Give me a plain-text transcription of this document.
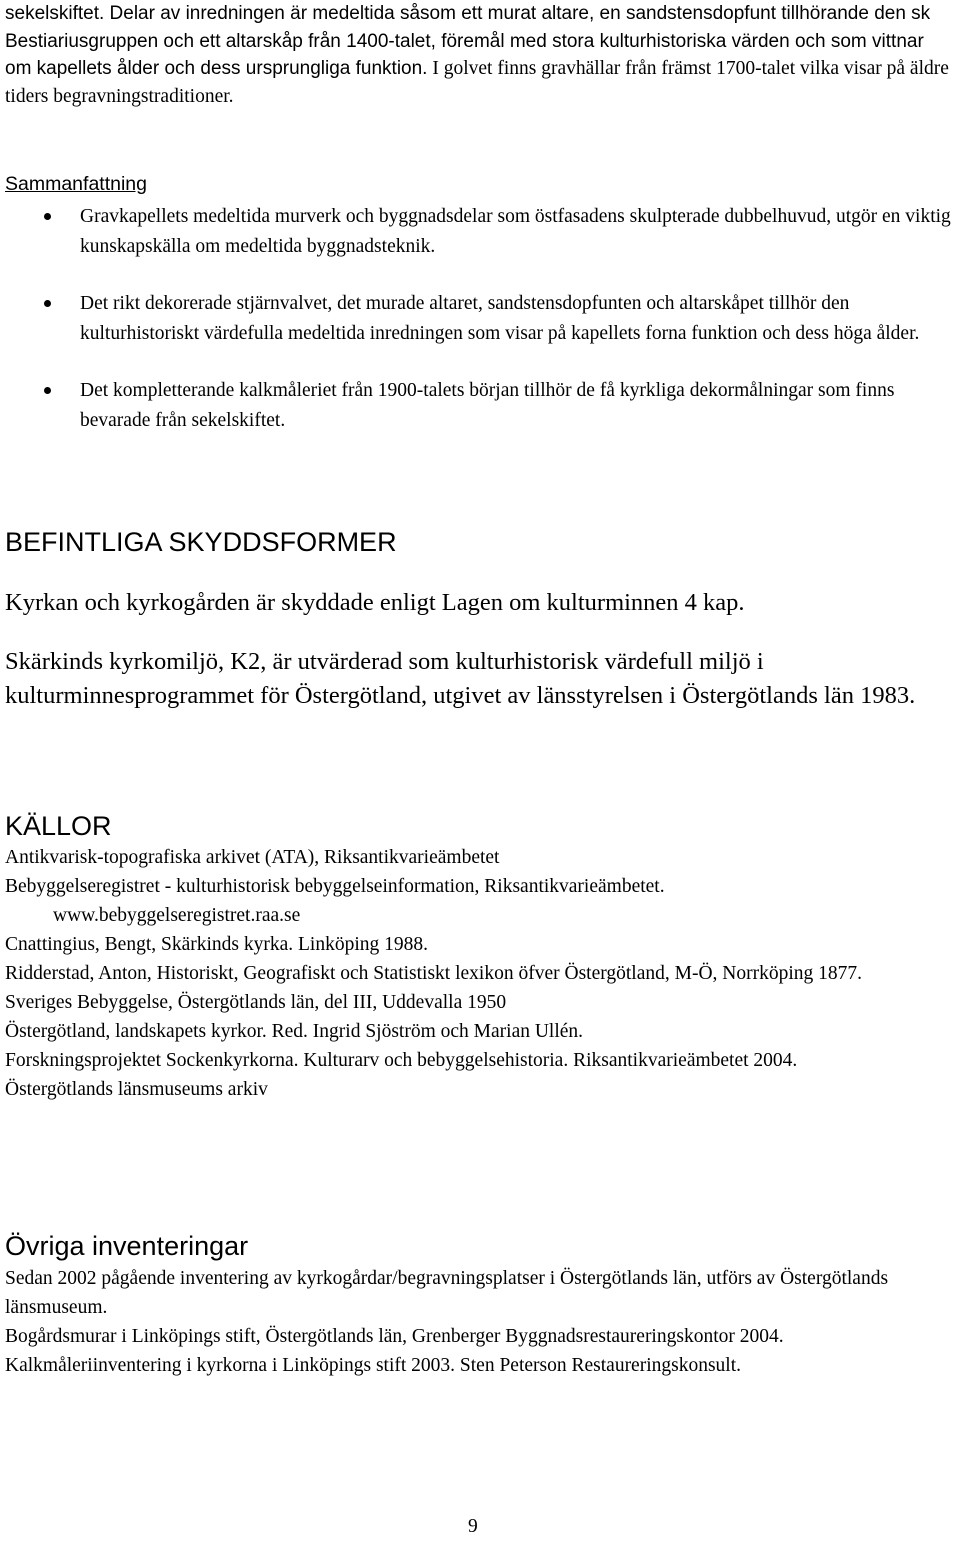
sekelskiftet. Delar av inredningen är medeltida såsom ett murat altare, en sandstensdopfunt tillhörande den sk Bestiariusgruppen och ett altarskåp från 1400-talet, föremål med stora kulturhistoriska värden och som vittnar om kapellets ålder och dess ursprungliga funktion. I golvet finns gravhällar från främst 1700-talet vilka visar på äldre tiders begravningstraditioner.

Sammanfattning
Gravkapellets medeltida murverk och byggnadsdelar som östfasadens skulpterade dubbelhuvud, utgör en viktig kunskapskälla om medeltida byggnadsteknik.
Det rikt dekorerade stjärnvalvet, det murade altaret, sandstensdopfunten och altarskåpet tillhör den kulturhistoriskt värdefulla medeltida inredningen som visar på kapellets forna funktion och dess höga ålder.
Det kompletterande kalkmåleriet från 1900-talets början tillhör de få kyrkliga dekormålningar som finns bevarade från sekelskiftet.
BEFINTLIGA SKYDDSFORMER

Kyrkan och kyrkogården är skyddade enligt Lagen om kulturminnen 4 kap.

Skärkinds kyrkomiljö, K2, är utvärderad som kulturhistorisk värdefull miljö i kulturminnesprogrammet för Östergötland, utgivet av länsstyrelsen i Östergötlands län 1983.

KÄLLOR
Antikvarisk-topografiska arkivet (ATA), Riksantikvarieämbetet
Bebyggelseregistret - kulturhistorisk bebyggelseinformation, Riksantikvarieämbetet.
www.bebyggelseregistret.raa.se
Cnattingius, Bengt, Skärkinds kyrka. Linköping 1988.
Ridderstad, Anton, Historiskt, Geografiskt och Statistiskt lexikon öfver Östergötland, M-Ö, Norrköping 1877.
Sveriges Bebyggelse, Östergötlands län, del III, Uddevalla 1950
Östergötland, landskapets kyrkor. Red. Ingrid Sjöström och Marian Ullén.
Forskningsprojektet Sockenkyrkorna. Kulturarv och bebyggelsehistoria. Riksantikvarieämbetet 2004.
Östergötlands länsmuseums arkiv
Övriga inventeringar
Sedan 2002 pågående inventering av kyrkogårdar/begravningsplatser i Östergötlands län, utförs av Östergötlands länsmuseum.
Bogårdsmurar i Linköpings stift, Östergötlands län, Grenberger Byggnadsrestaureringskontor 2004.
Kalkmåleriinventering i kyrkorna i Linköpings stift 2003. Sten Peterson Restaureringskonsult.
9
